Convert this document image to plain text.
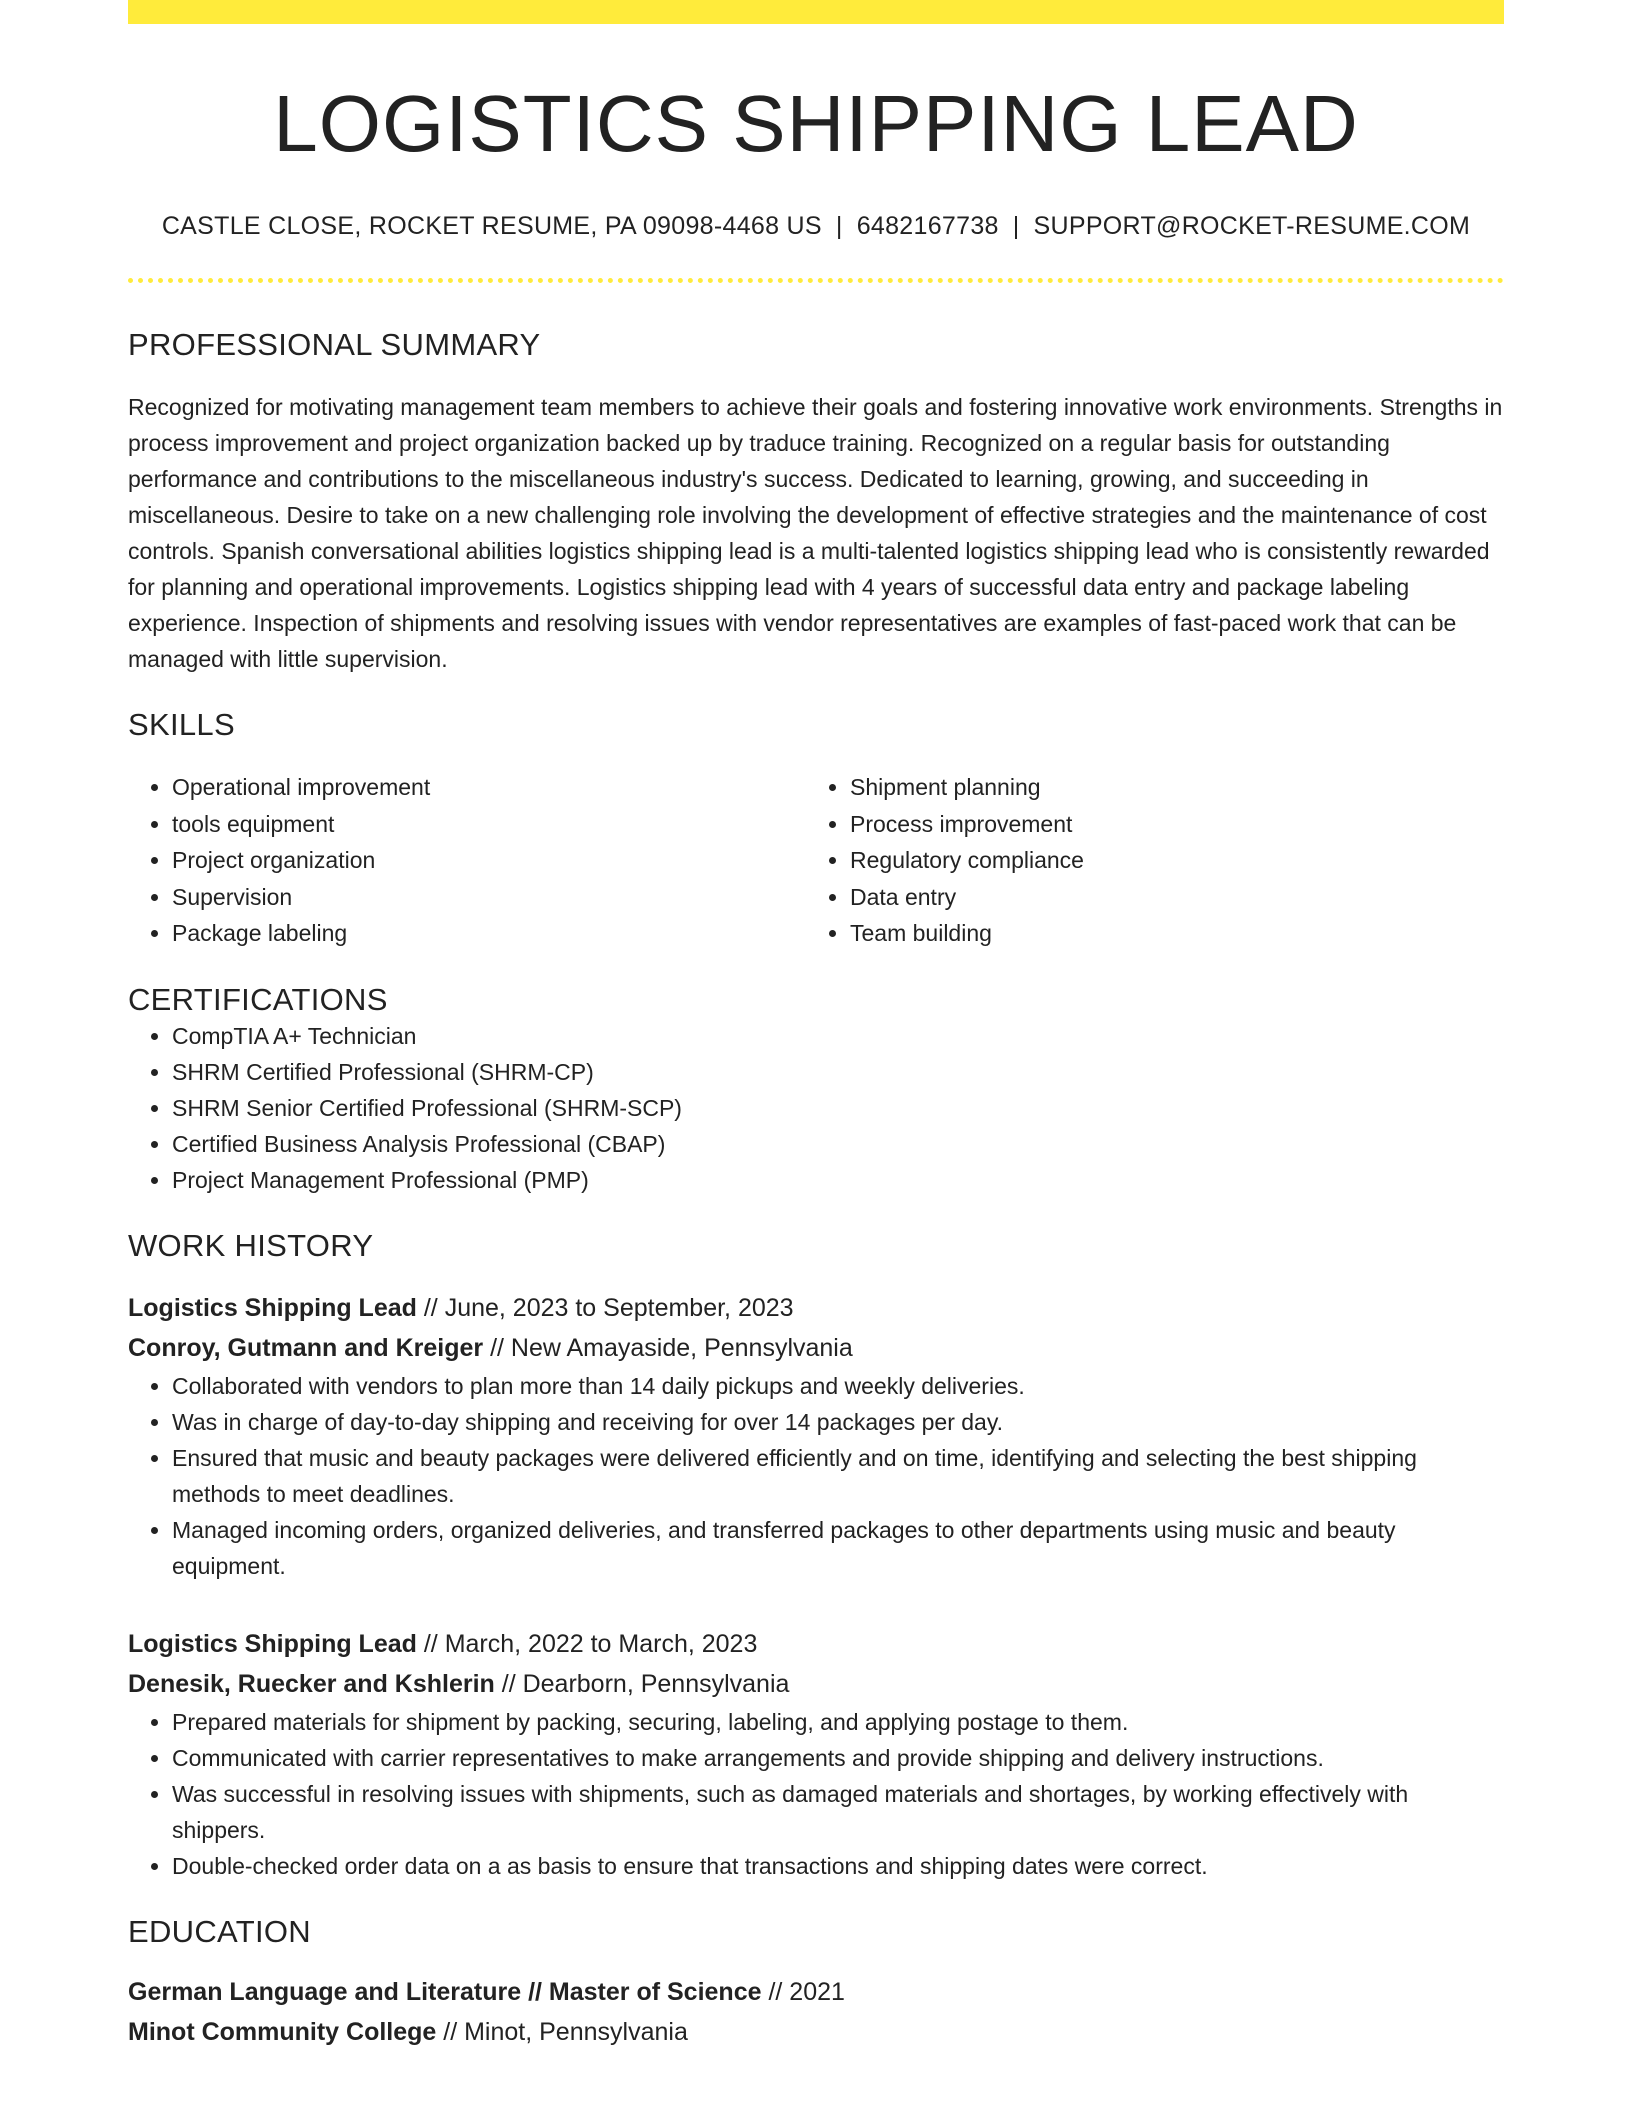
LOGISTICS SHIPPING LEAD
CASTLE CLOSE, ROCKET RESUME, PA 09098-4468 US | 6482167738 | SUPPORT@ROCKET-RESUME.COM
PROFESSIONAL SUMMARY

Recognized for motivating management team members to achieve their goals and fostering innovative work environments. Strengths in process improvement and project organization backed up by traduce training. Recognized on a regular basis for outstanding performance and contributions to the miscellaneous industry's success. Dedicated to learning, growing, and succeeding in miscellaneous. Desire to take on a new challenging role involving the development of effective strategies and the maintenance of cost controls. Spanish conversational abilities logistics shipping lead is a multi-talented logistics shipping lead who is consistently rewarded for planning and operational improvements. Logistics shipping lead with 4 years of successful data entry and package labeling experience. Inspection of shipments and resolving issues with vendor representatives are examples of fast-paced work that can be managed with little supervision.

SKILLS
• Operational improvement
• tools equipment
• Project organization
• Supervision
• Package labeling
• Shipment planning
• Process improvement
• Regulatory compliance
• Data entry
• Team building
CERTIFICATIONS
• CompTIA A+ Technician
• SHRM Certified Professional (SHRM-CP)
• SHRM Senior Certified Professional (SHRM-SCP)
• Certified Business Analysis Professional (CBAP)
• Project Management Professional (PMP)
WORK HISTORY
Logistics Shipping Lead // June, 2023 to September, 2023
Conroy, Gutmann and Kreiger // New Amayaside, Pennsylvania
• Collaborated with vendors to plan more than 14 daily pickups and weekly deliveries.
• Was in charge of day-to-day shipping and receiving for over 14 packages per day.
• Ensured that music and beauty packages were delivered efficiently and on time, identifying and selecting the best shipping methods to meet deadlines.
• Managed incoming orders, organized deliveries, and transferred packages to other departments using music and beauty equipment.
Logistics Shipping Lead // March, 2022 to March, 2023
Denesik, Ruecker and Kshlerin // Dearborn, Pennsylvania
• Prepared materials for shipment by packing, securing, labeling, and applying postage to them.
• Communicated with carrier representatives to make arrangements and provide shipping and delivery instructions.
• Was successful in resolving issues with shipments, such as damaged materials and shortages, by working effectively with shippers.
• Double-checked order data on a as basis to ensure that transactions and shipping dates were correct.
EDUCATION
German Language and Literature // Master of Science // 2021
Minot Community College // Minot, Pennsylvania
